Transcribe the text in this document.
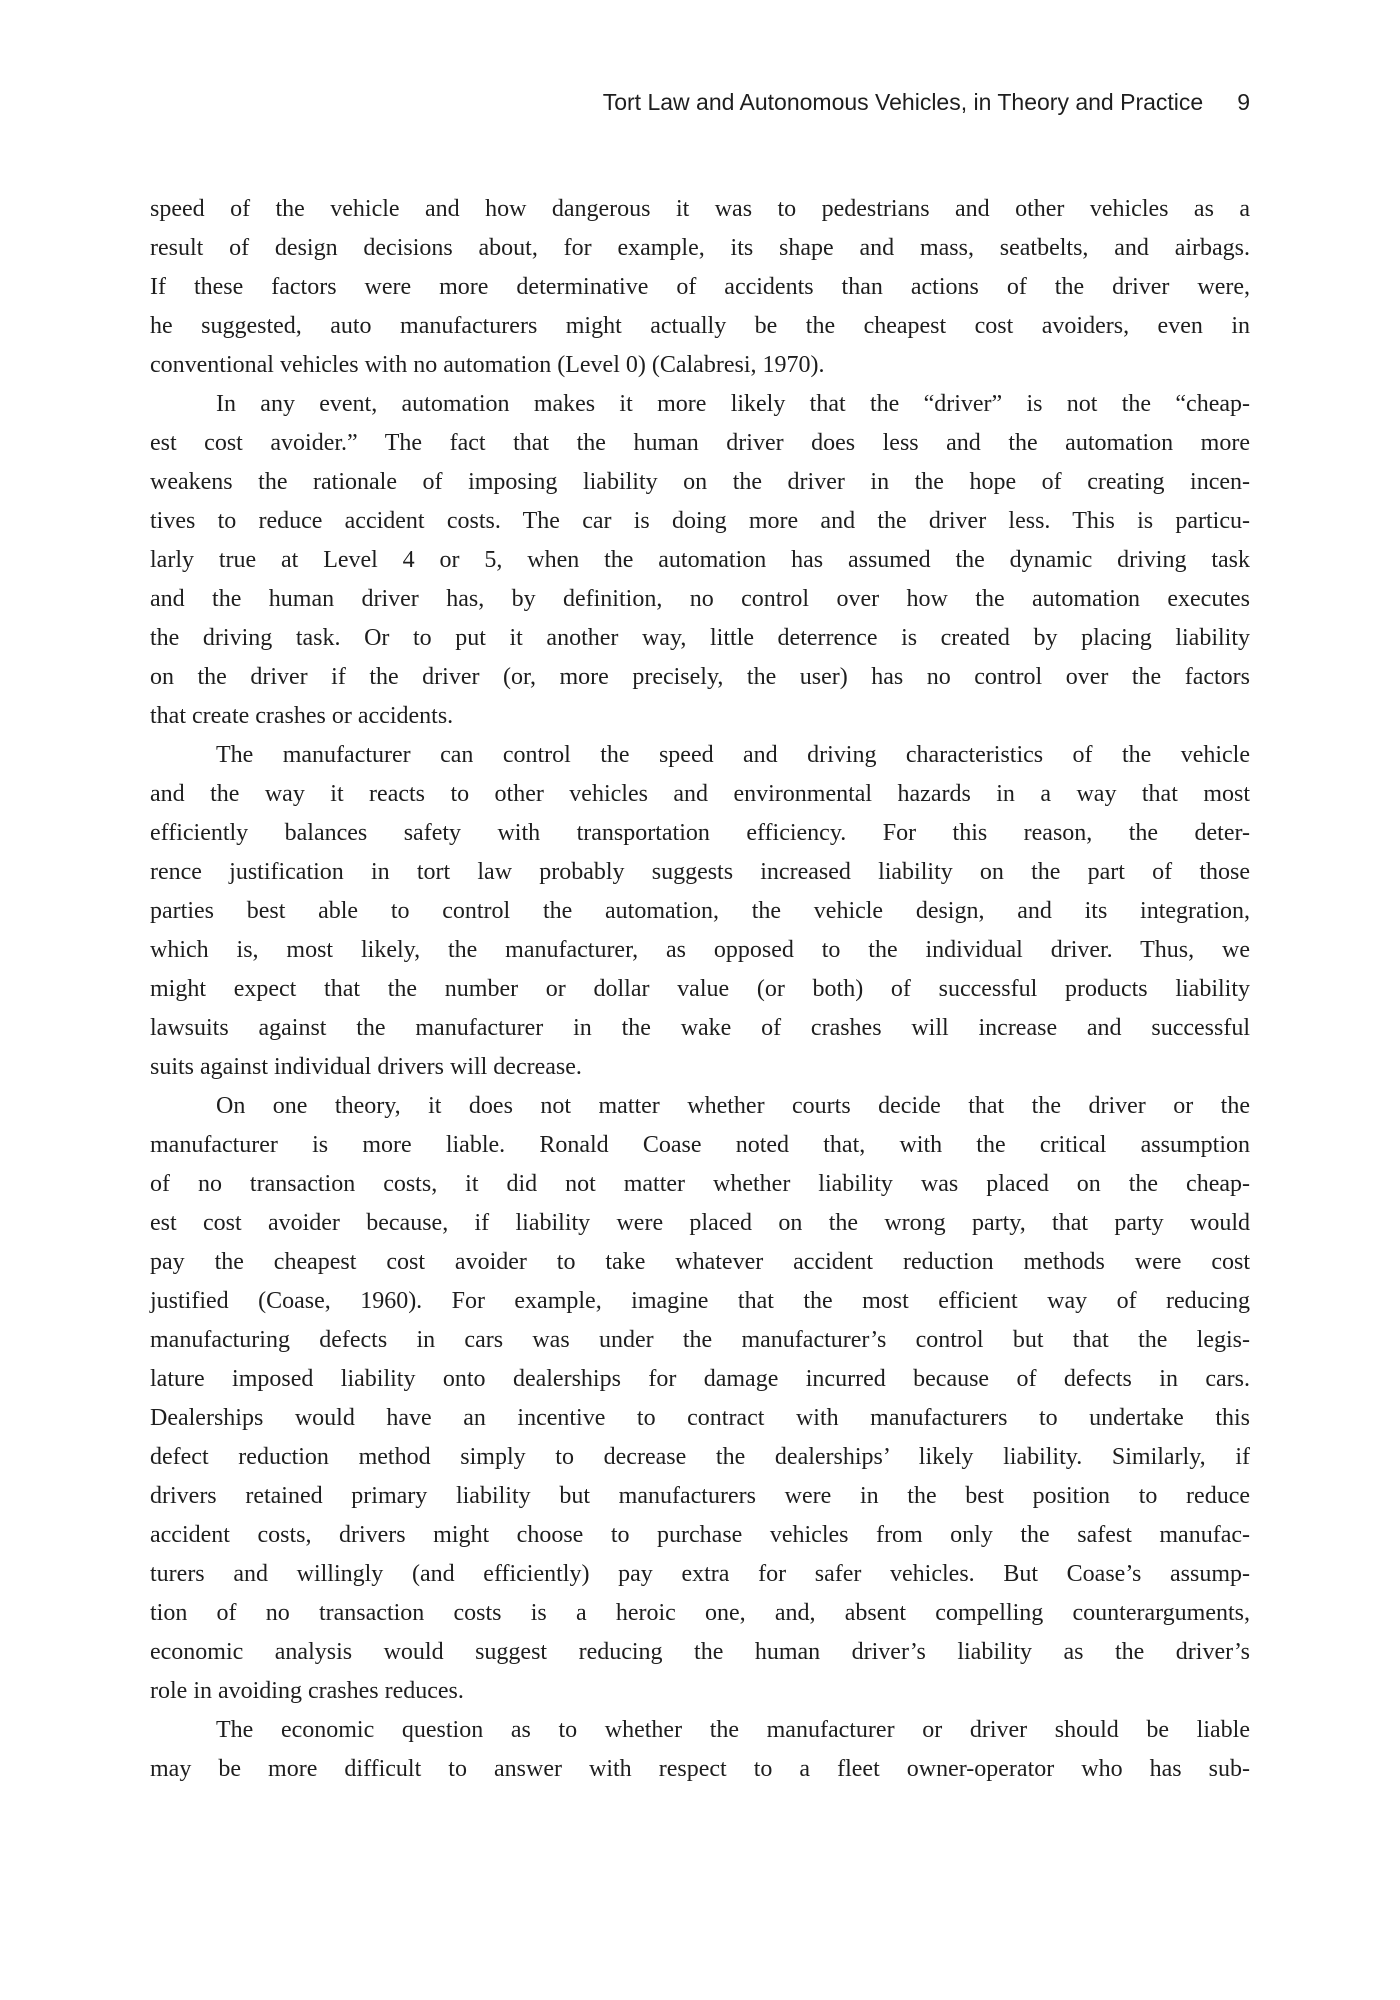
Tort Law and Autonomous Vehicles, in Theory and Practice 9
speed of the vehicle and how dangerous it was to pedestrians and other vehicles as a
result of design decisions about, for example, its shape and mass, seatbelts, and airbags.
If these factors were more determinative of accidents than actions of the driver were,
he suggested, auto manufacturers might actually be the cheapest cost avoiders, even in
conventional vehicles with no automation (Level 0) (Calabresi, 1970).
In any event, automation makes it more likely that the “driver” is not the “cheap-
est cost avoider.” The fact that the human driver does less and the automation more
weakens the rationale of imposing liability on the driver in the hope of creating incen-
tives to reduce accident costs. The car is doing more and the driver less. This is particu-
larly true at Level 4 or 5, when the automation has assumed the dynamic driving task
and the human driver has, by definition, no control over how the automation executes
the driving task. Or to put it another way, little deterrence is created by placing liability
on the driver if the driver (or, more precisely, the user) has no control over the factors
that create crashes or accidents.
The manufacturer can control the speed and driving characteristics of the vehicle
and the way it reacts to other vehicles and environmental hazards in a way that most
efficiently balances safety with transportation efficiency. For this reason, the deter-
rence justification in tort law probably suggests increased liability on the part of those
parties best able to control the automation, the vehicle design, and its integration,
which is, most likely, the manufacturer, as opposed to the individual driver. Thus, we
might expect that the number or dollar value (or both) of successful products liability
lawsuits against the manufacturer in the wake of crashes will increase and successful
suits against individual drivers will decrease.
On one theory, it does not matter whether courts decide that the driver or the
manufacturer is more liable. Ronald Coase noted that, with the critical assumption
of no transaction costs, it did not matter whether liability was placed on the cheap-
est cost avoider because, if liability were placed on the wrong party, that party would
pay the cheapest cost avoider to take whatever accident reduction methods were cost
justified (Coase, 1960). For example, imagine that the most efficient way of reducing
manufacturing defects in cars was under the manufacturer’s control but that the legis-
lature imposed liability onto dealerships for damage incurred because of defects in cars.
Dealerships would have an incentive to contract with manufacturers to undertake this
defect reduction method simply to decrease the dealerships’ likely liability. Similarly, if
drivers retained primary liability but manufacturers were in the best position to reduce
accident costs, drivers might choose to purchase vehicles from only the safest manufac-
turers and willingly (and efficiently) pay extra for safer vehicles. But Coase’s assump-
tion of no transaction costs is a heroic one, and, absent compelling counterarguments,
economic analysis would suggest reducing the human driver’s liability as the driver’s
role in avoiding crashes reduces.
The economic question as to whether the manufacturer or driver should be liable
may be more difficult to answer with respect to a fleet owner-operator who has sub-
